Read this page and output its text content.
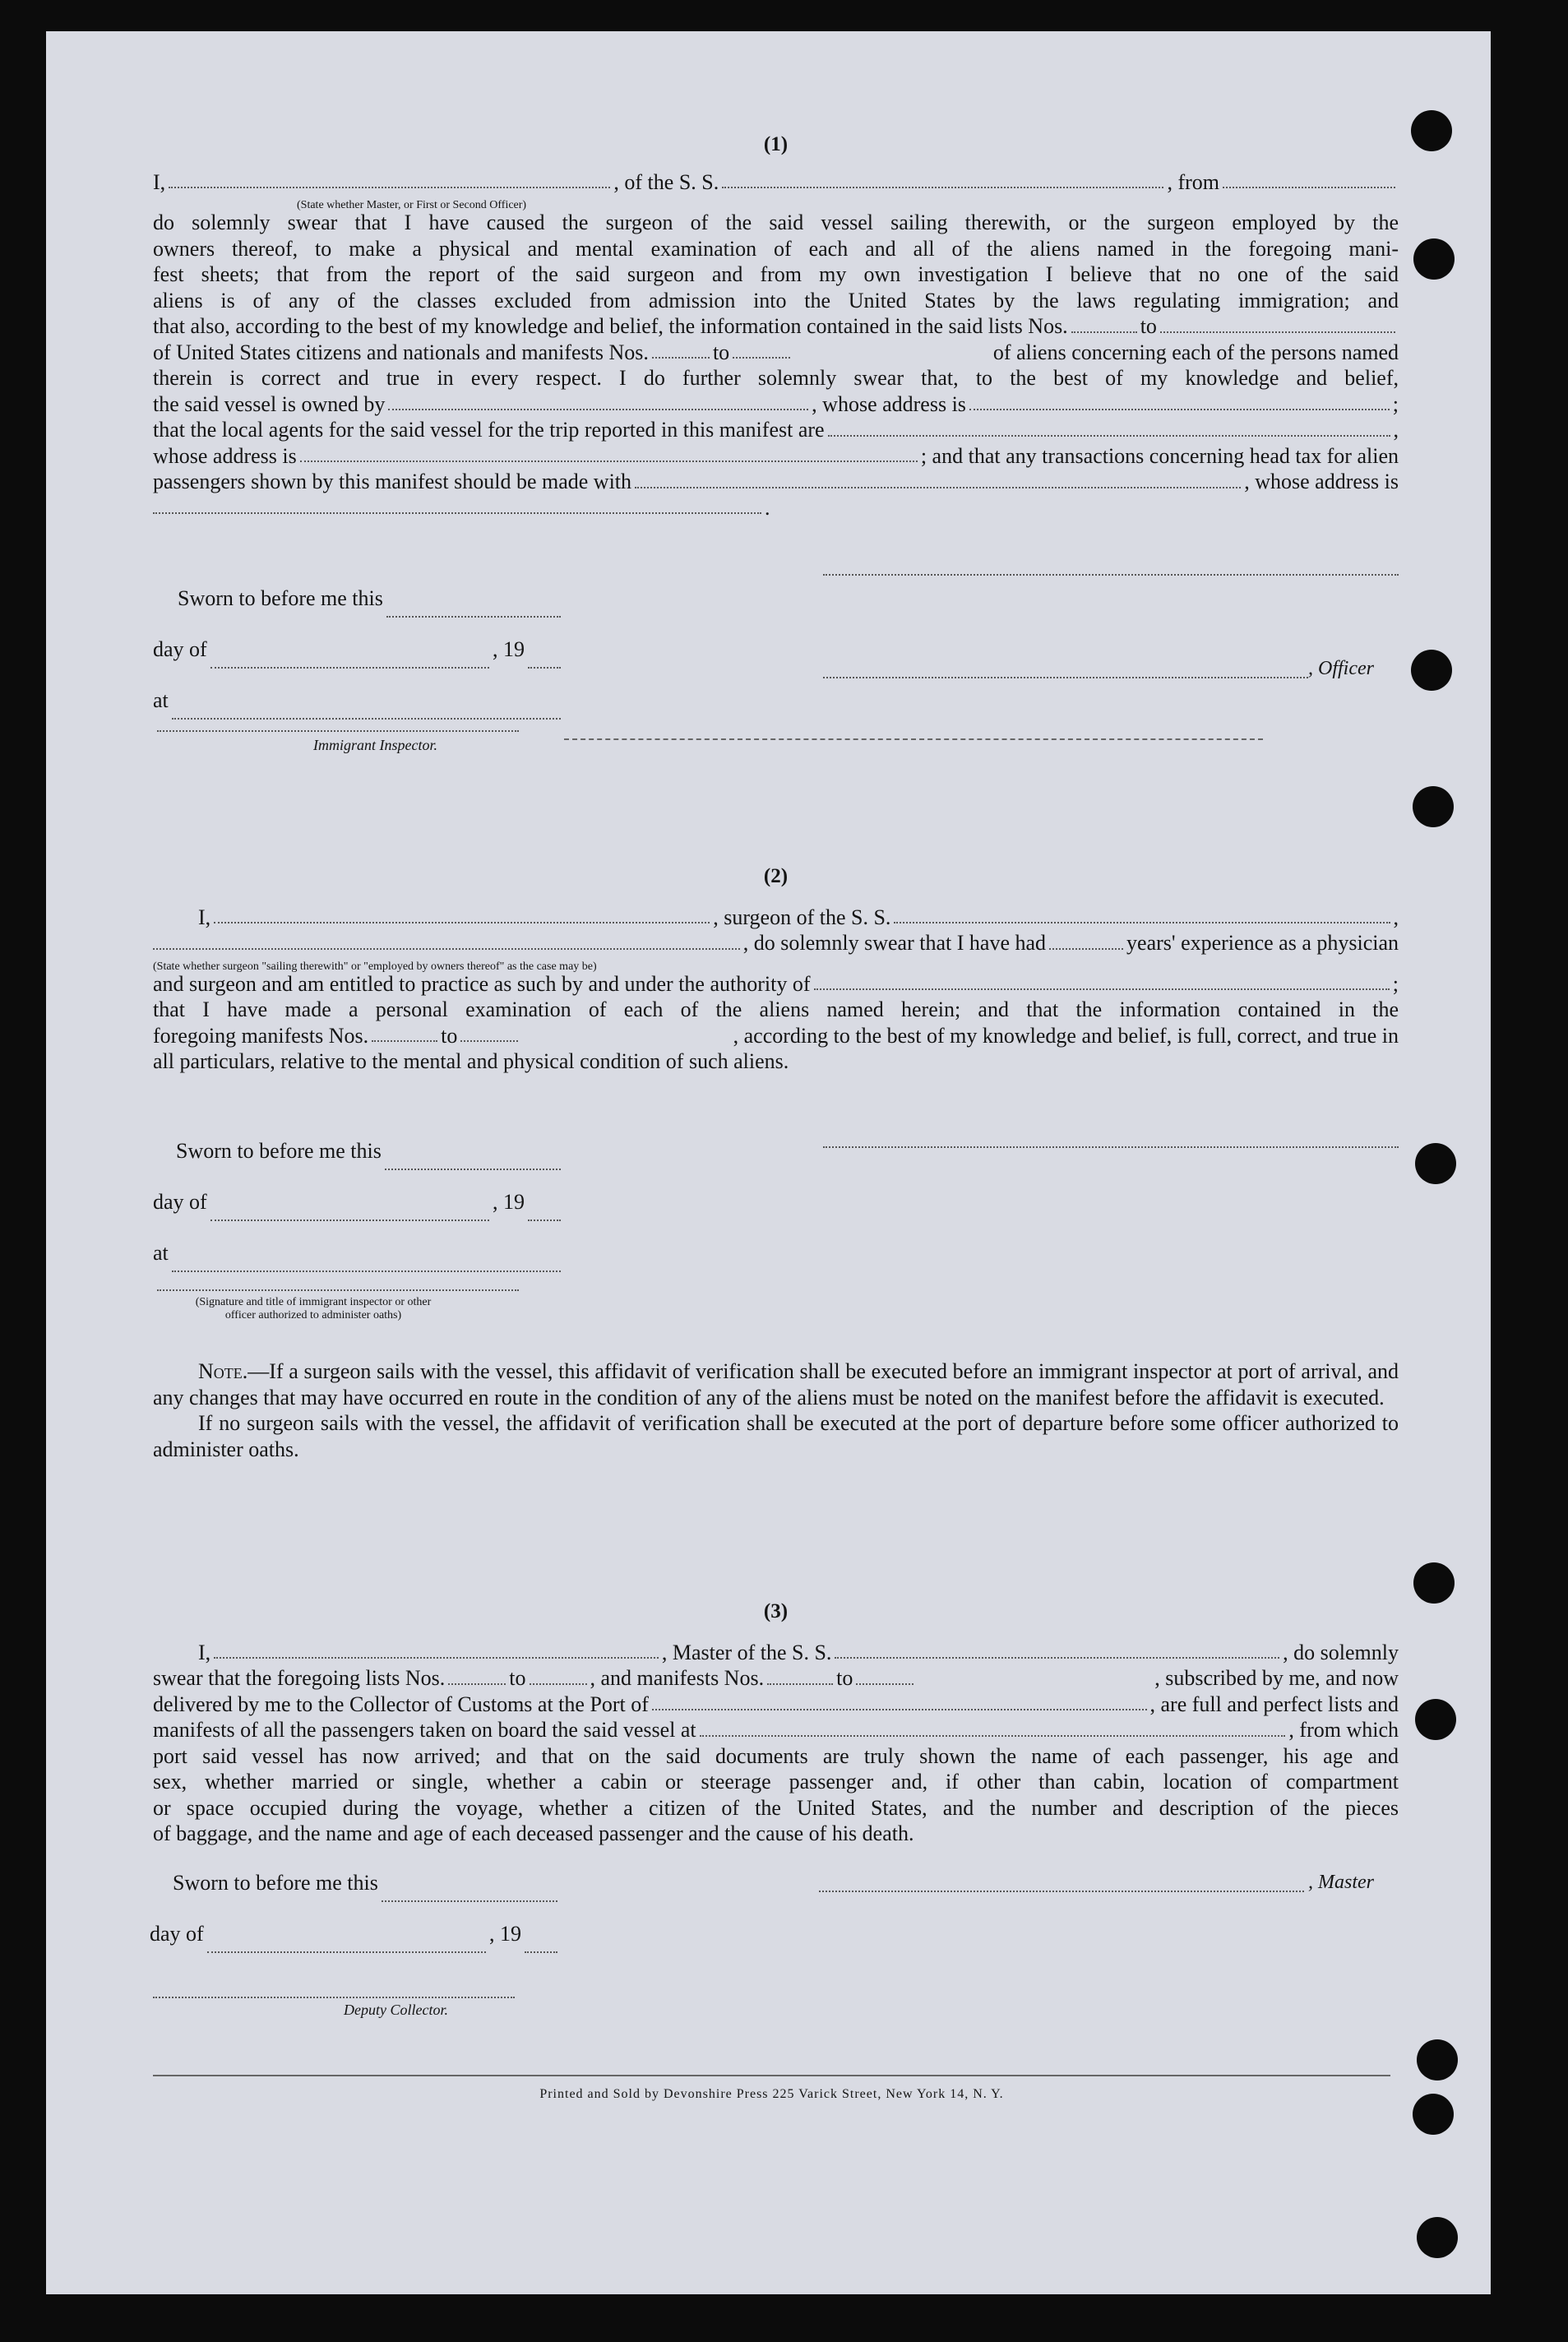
(1)
I,	, of the S. S.	, from
$^{(State whether Master, or First or Second Officer)}$
do solemnly swear that I have caused the surgeon of the said vessel sailing therewith, or the surgeon employed by the
owners thereof, to make a physical and mental examination of each and all of the aliens named in the foregoing mani-
fest sheets; that from the report of the said surgeon and from my own investigation I believe that no one of the said
aliens is of any of the classes excluded from admission into the United States by the laws regulating immigration; and
that also, according to the best of my knowledge and belief, the information contained in the said lists Nos.	to
of United States citizens and nationals and manifests Nos.	to	of aliens concerning each of the persons named
therein is correct and true in every respect. I do further solemnly swear that, to the best of my knowledge and belief,
the said vessel is owned by	, whose address is	;
that the local agents for the said vessel for the trip reported in this manifest are	,
whose address is	; and that any transactions concerning head tax for alien
passengers shown by this manifest should be made with	, whose address is
.
Sworn to before me this
day of	, 19
at
, Officer
Immigrant Inspector.
(2)
I,	, surgeon of the S. S.	,
, do solemnly swear that I have had	years' experience as a physician
$^{(State whether surgeon "sailing therewith" or "employed by owners thereof" as the case may be)}$
and surgeon and am entitled to practice as such by and under the authority of	;
that I have made a personal examination of each of the aliens named herein; and that the information contained in the
foregoing manifests Nos.	to	, according to the best of my knowledge and belief, is full, correct, and true in
all particulars, relative to the mental and physical condition of such aliens.
Sworn to before me this
day of	, 19
at
(Signature and title of immigrant inspector or other officer authorized to administer oaths)

Note.—If a surgeon sails with the vessel, this affidavit of verification shall be executed before an immigrant inspector at port of arrival, and any changes that may have occurred en route in the condition of any of the aliens must be noted on the manifest before the affidavit is executed.

If no surgeon sails with the vessel, the affidavit of verification shall be executed at the port of departure before some officer authorized to administer oaths.

(3)
I,	, Master of the S. S.	, do solemnly
swear that the foregoing lists Nos.	to	, and manifests Nos.	to	, subscribed by me, and now
delivered by me to the Collector of Customs at the Port of	, are full and perfect lists and
manifests of all the passengers taken on board the said vessel at	, from which
port said vessel has now arrived; and that on the said documents are truly shown the name of each passenger, his age and
sex, whether married or single, whether a cabin or steerage passenger and, if other than cabin, location of compartment
or space occupied during the voyage, whether a citizen of the United States, and the number and description of the pieces
of baggage, and the name and age of each deceased passenger and the cause of his death.
Sworn to before me this
day of	, 19
, Master
Deputy Collector.
Printed and Sold by Devonshire Press 225 Varick Street, New York 14, N. Y.
